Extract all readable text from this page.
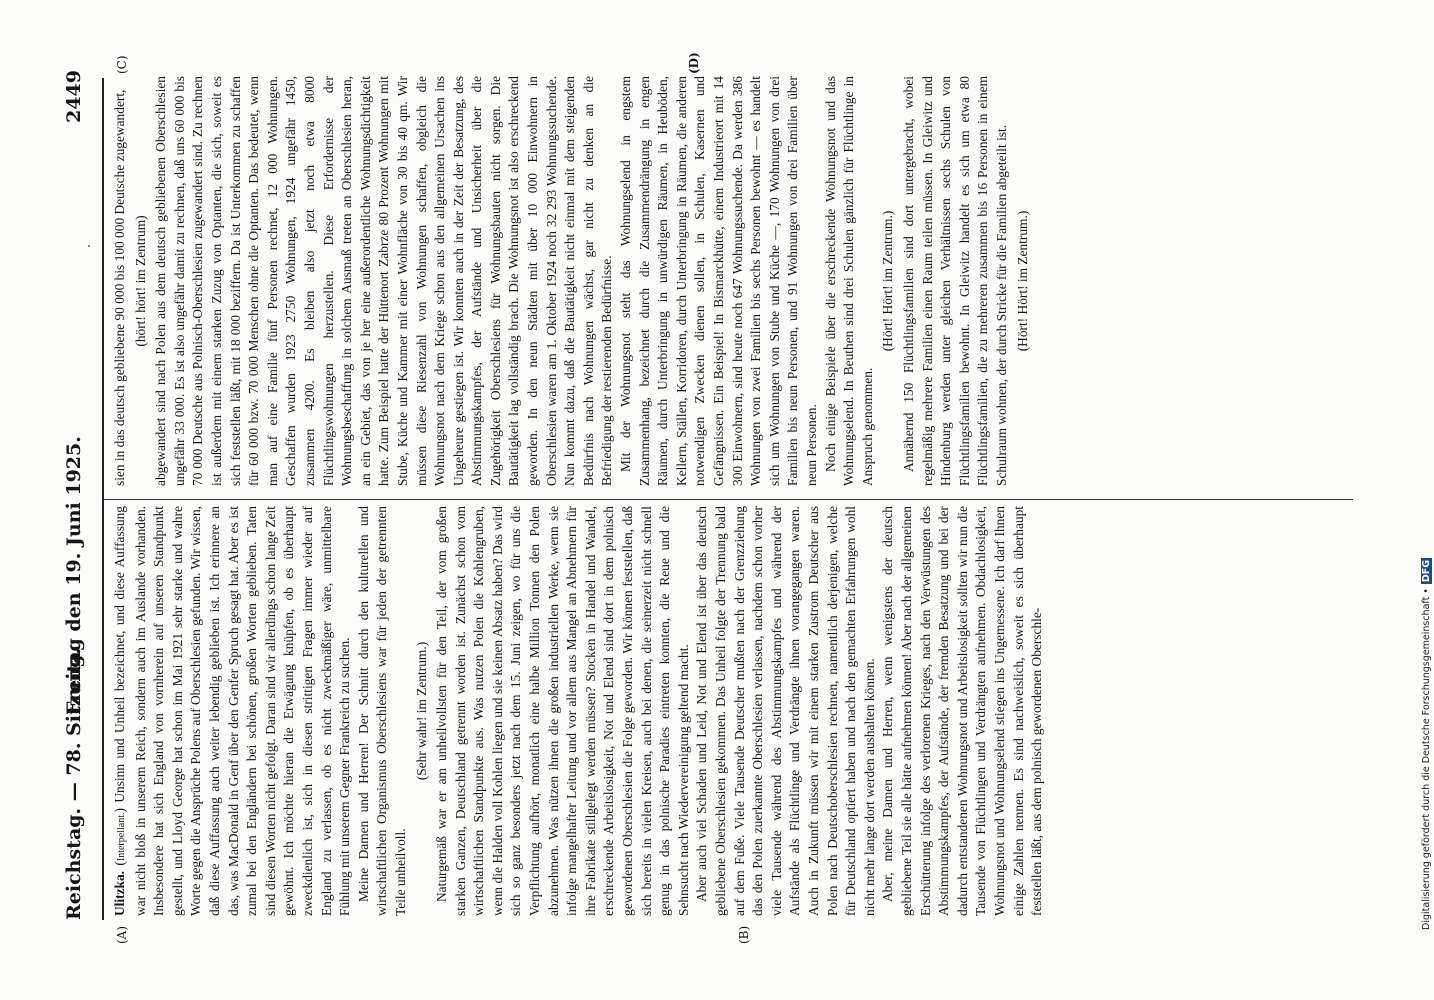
Reichstag. — 78. Sitzung.
Freitag den 19. Juni 1925.  2449
(A)	(B)
(C)	(D)

Ulitzka. (Interpellant.) Unsinn und Unheil bezeichnet, und diese Auffassung war nicht bloß in unserem Reich, sondern auch im Auslande vorhanden. Insbesondere hat sich England von vornherein auf unseren Standpunkt gestellt, und Lloyd George hat schon im Mai 1921 sehr starke und wahre Worte gegen die Ansprüche Polens auf Oberschlesien gefunden. Wir wissen, daß diese Auffassung auch weiter lebendig geblieben ist. Ich erinnere an das, was MacDonald in Genf über den Genfer Spruch gesagt hat. Aber es ist zumal bei den Engländern bei schönen, großen Worten geblieben. Taten sind diesen Worten nicht gefolgt. Daran sind wir allerdings schon lange Zeit gewöhnt. Ich möchte hieran die Erwägung knüpfen, ob es überhaupt zweckdienlich ist, sich in diesen strittigen Fragen immer wieder auf England zu verlassen, ob es nicht zweckmäßiger wäre, unmittelbare Fühlung mit unserem Gegner Frankreich zu suchen. Meine Damen und Herren! Der Schnitt durch den kulturellen und wirtschaftlichen Organismus Oberschlesiens war für jeden der getrennten Teile unheilvoll.

(Sehr wahr! im Zentrum.) Naturgemäß war er am unheilvollsten für den Teil, der vom großen starken Ganzen, Deutschland getrennt worden ist. Zunächst schon vom wirtschaftlichen Standpunkte aus. Was nutzen Polen die Kohlengruben, wenn die Halden voll Kohlen liegen und sie keinen Absatz haben? Das wird sich so ganz besonders jetzt nach dem 15. Juni zeigen, wo für uns die Verpflichtung aufhört, monatlich eine halbe Million Tonnen den Polen abzunehmen. Was nützen ihnen die großen industriellen Werke, wenn sie infolge mangelhafter Leitung und vor allem aus Mangel an Abnehmern für ihre Fabrikate stillgelegt werden müssen? Stocken in Handel und Wandel, erschreckende Arbeitslosigkeit, Not und Elend sind dort in dem polnisch gewordenen Oberschlesien die Folge geworden. Wir können feststellen, daß sich bereits in vielen Kreisen, auch bei denen, die seinerzeit nicht schnell genug in das polnische Paradies eintreten konnten, die Reue und die Sehnsucht nach Wiedervereinigung geltend macht. Aber auch viel Schaden und Leid, Not und Elend ist über das deutsch gebliebene Oberschlesien gekommen. Das Unheil folgte der Trennung bald auf dem Fuße. Viele Tausende Deutscher mußten nach der Grenzziehung das den Polen zuerkannte Oberschlesien verlassen, nachdem schon vorher viele Tausende während des Abstimmungskampfes und während der Aufstände als Flüchtlinge und Verdrängte ihnen vorangegangen waren. Auch in Zukunft müssen wir mit einem starken Zustrom Deutscher aus Polen nach Deutschoberschlesien rechnen, namentlich derjenigen, welche für Deutschland optiert haben und nach den gemachten Erfahrungen wohl nicht mehr lange dort werden aushalten können. Aber, meine Damen und Herren, wenn wenigstens der deutsch gebliebene Teil sie alle hätte aufnehmen können! Aber nach der allgemeinen Erschütterung infolge des verlorenen Krieges, nach den Verwüstungen des Abstimmungskampfes, der Aufstände, der fremden Besatzung und bei der dadurch entstandenen Wohnungsnot und Arbeitslosigkeit sollten wir nun die Tausende von Flüchtlingen und Verdrängten aufnehmen. Obdachlosigkeit, Wohnungsnot und Wohnungselend stiegen ins Ungemessene. Ich darf Ihnen einige Zahlen nennen. Es sind nachweislich, soweit es sich überhaupt feststellen läßt, aus dem polnisch gewordenen Oberschle-

sien in das deutsch gebliebene 90 000 bis 100 000 Deutsche zugewandert, (hört! hört! im Zentrum) abgewandert sind nach Polen aus dem deutsch gebliebenen Oberschlesien ungefähr 33 000. Es ist also ungefähr damit zu rechnen, daß uns 60 000 bis 70 000 Deutsche aus Polnisch-Oberschlesien zugewandert sind. Zu rechnen ist außerdem mit einem starken Zuzug von Optanten, die sich, soweit es sich feststellen läßt, mit 18 000 beziffern. Da ist Unterkommen zu schaffen für 60 000 bzw. 70 000 Menschen ohne die Optanten. Das bedeutet, wenn man auf eine Familie fünf Personen rechnet, 12 000 Wohnungen. Geschaffen wurden 1923 2750 Wohnungen, 1924 ungefähr 1450, zusammen 4200. Es bleiben also jetzt noch etwa 8000 Flüchtlingswohnungen herzustellen. Diese Erfordernisse der Wohnungsbeschaffung in solchem Ausmaß treten an Oberschlesien heran, an ein Gebiet, das von je her eine außerordentliche Wohnungsdichtigkeit hatte. Zum Beispiel hatte der Hüttenort Zabrze 80 Prozent Wohnungen mit Stube, Küche und Kammer mit einer Wohnfläche von 30 bis 40 qm. Wir müssen diese Riesenzahl von Wohnungen schaffen, obgleich die Wohnungsnot nach dem Kriege schon aus den allgemeinen Ursachen ins Ungeheure gestiegen ist. Wir konnten auch in der Zeit der Besatzung, des Abstimmungskampfes, der Aufstände und Unsicherheit über die Zugehörigkeit Oberschlesiens für Wohnungsbauten nicht sorgen. Die Bautätigkeit lag vollständig brach. Die Wohnungsnot ist also erschreckend geworden. In den neun Städten mit über 10 000 Einwohnern in Oberschlesien waren am 1. Oktober 1924 noch 32 293 Wohnungssuchende. Nun kommt dazu, daß die Bautätigkeit nicht einmal mit dem steigenden Bedürfnis nach Wohnungen wächst, gar nicht zu denken an die Befriedigung der restierenden Bedürfnisse. Mit der Wohnungsnot steht das Wohnungselend in engstem Zusammenhang, bezeichnet durch die Zusammendrängung in engen Räumen, durch Unterbringung in unwürdigen Räumen, in Heuböden, Kellern, Ställen, Korridoren, durch Unterbringung in Räumen, die anderen notwendigen Zwecken dienen sollen, in Schulen, Kasernen und Gefängnissen. Ein Beispiel! In Bismarckhütte, einem Industrieort mit 14 300 Einwohnern, sind heute noch 647 Wohnungssuchende. Da werden 386 Wohnungen von zwei Familien bis sechs Personen bewohnt — es handelt sich um Wohnungen von Stube und Küche —, 170 Wohnungen von drei Familien bis neun Personen, und 91 Wohnungen von drei Familien über neun Personen. Noch einige Beispiele über die erschreckende Wohnungsnot und das Wohnungselend. In Beuthen sind drei Schulen gänzlich für Flüchtlinge in Anspruch genommen.

(Hört! Hört! im Zentrum.) Annähernd 150 Flüchtlingsfamilien sind dort untergebracht, wobei regelmäßig mehrere Familien einen Raum teilen müssen. In Gleiwitz und Hindenburg werden unter gleichen Verhältnissen sechs Schulen von Flüchtlingsfamilien bewohnt. In Gleiwitz handelt es sich um etwa 80 Flüchtlingsfamilien, die zu mehreren zusammen bis 16 Personen in einem Schulraum wohnen, der durch Stricke für die Familien abgeteilt ist. (Hört! Hört! im Zentrum.)

Digitalisierung gefördert durch die Deutsche Forschungsgemeinschaft •DFG
